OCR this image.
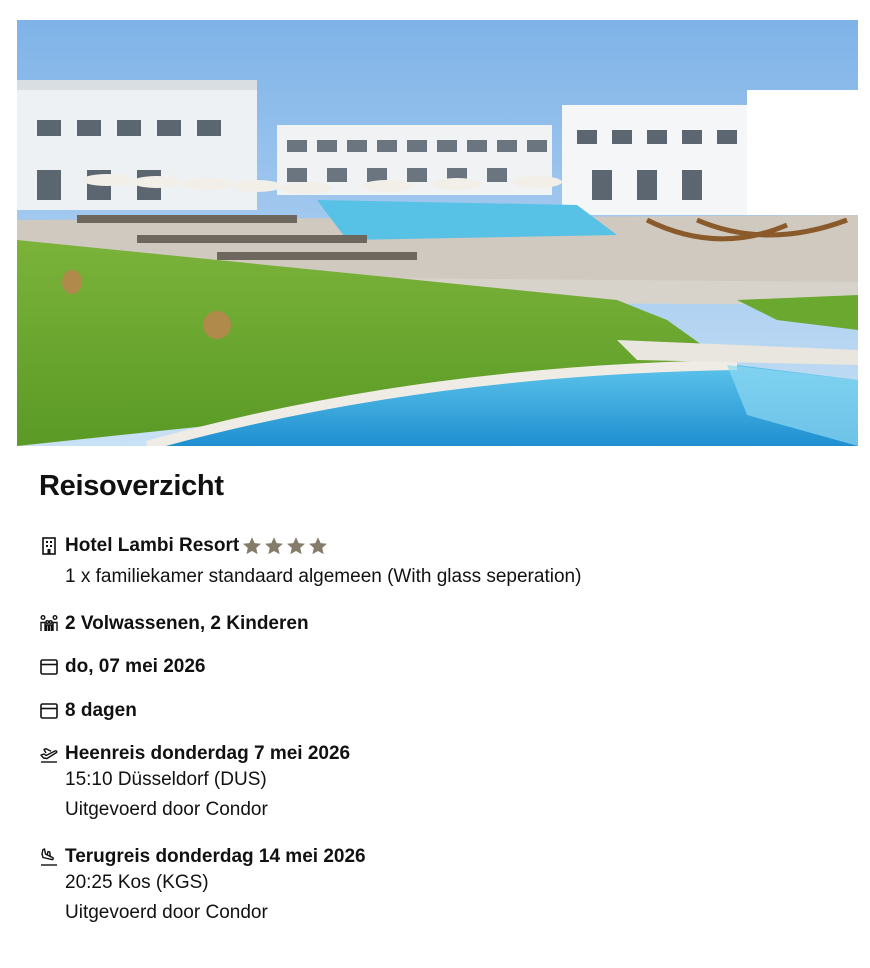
Reisoverzicht
Hotel Lambi Resort
1 x familiekamer standaard algemeen (With glass seperation)
2 Volwassenen, 2 Kinderen
do, 07 mei 2026
8 dagen
Heenreis donderdag 7 mei 2026
15:10 Düsseldorf (DUS)
Uitgevoerd door Condor
Terugreis donderdag 14 mei 2026
20:25 Kos (KGS)
Uitgevoerd door Condor
